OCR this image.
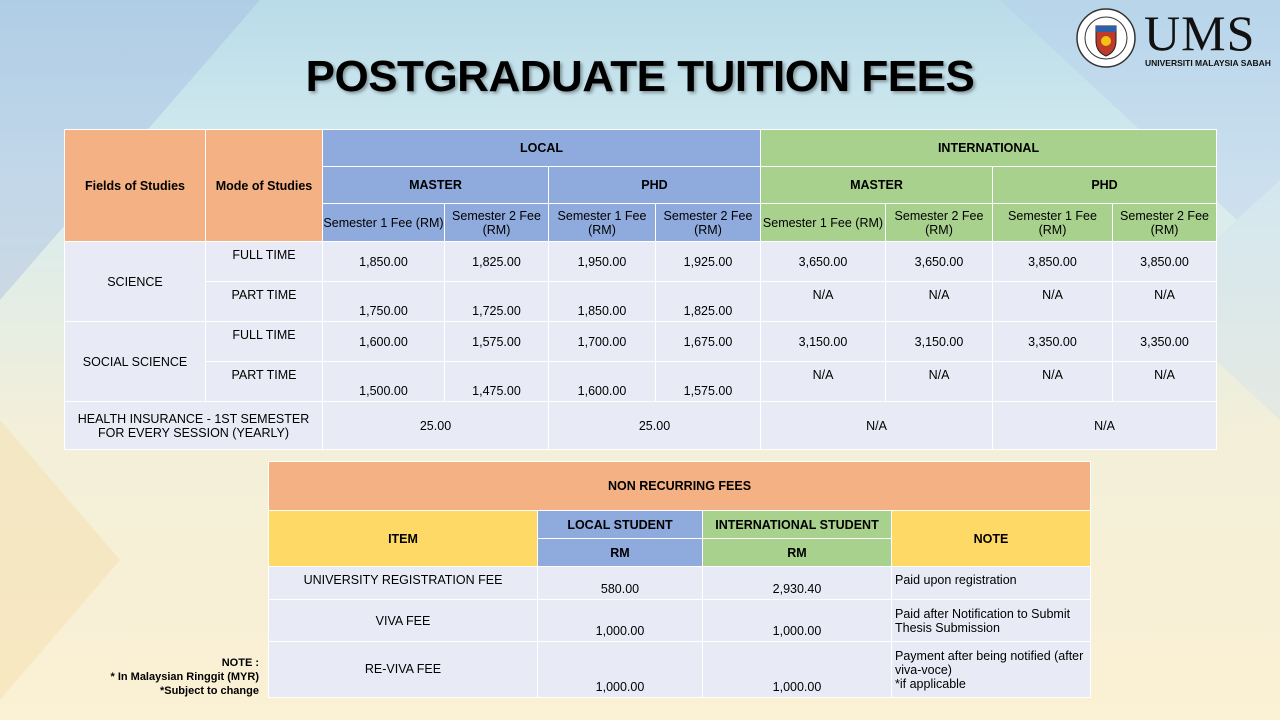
POSTGRADUATE TUITION FEES
UMS
UNIVERSITI MALAYSIA SABAH
Fields of Studies	Mode of Studies	LOCAL				INTERNATIONAL			
		MASTER		PHD		MASTER		PHD	
		Semester 1 Fee (RM)	Semester 2 Fee (RM)	Semester 1 Fee (RM)	Semester 2 Fee (RM)	Semester 1 Fee (RM)	Semester 2 Fee (RM)	Semester 1 Fee (RM)	Semester 2 Fee (RM)
SCIENCE	FULL TIME	1,850.00	1,825.00	1,950.00	1,925.00	3,650.00	3,650.00	3,850.00	3,850.00
	PART TIME	1,750.00	1,725.00	1,850.00	1,825.00	N/A	N/A	N/A	N/A
SOCIAL SCIENCE	FULL TIME	1,600.00	1,575.00	1,700.00	1,675.00	3,150.00	3,150.00	3,350.00	3,350.00
	PART TIME	1,500.00	1,475.00	1,600.00	1,575.00	N/A	N/A	N/A	N/A
HEALTH INSURANCE - 1ST SEMESTER FOR EVERY SESSION (YEARLY)		25.00		25.00		N/A		N/A	
NON RECURRING FEES			
ITEM	LOCAL STUDENT	INTERNATIONAL STUDENT	NOTE
	RM	RM	
UNIVERSITY REGISTRATION FEE	580.00	2,930.40	Paid upon registration
VIVA FEE	1,000.00	1,000.00	Paid after Notification to Submit Thesis Submission
RE-VIVA FEE	1,000.00	1,000.00	Payment after being notified (after viva-voce)
*if applicable
NOTE :
* In Malaysian Ringgit (MYR)
*Subject to change
